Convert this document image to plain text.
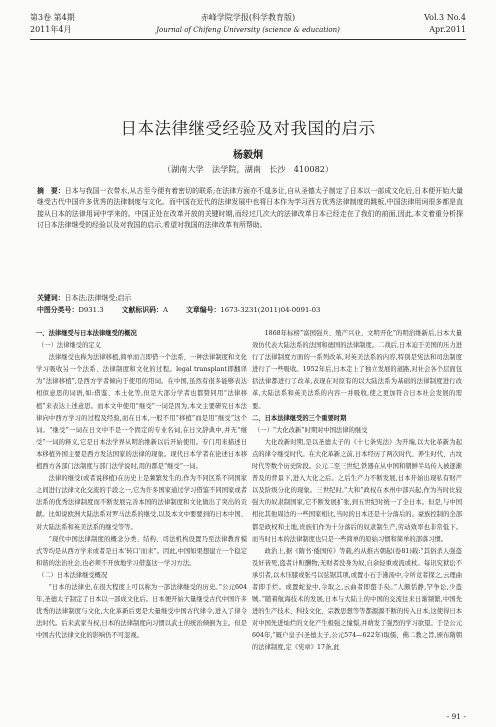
第3卷 第4期
2011年4月
赤峰学院学报(科学教育版)
Journal of Chifeng University (science & education)
Vol.3 No.4
Apr.2011
日本法律继受经验及对我国的启示
杨毅炯
（湖南大学　法学院，湖南　长沙　410082）
摘　要：日本与我国一衣带水,从古至今便有着密切的联系;在法律方面亦不遑多让,自从圣德太子制定了日本以一部成文化后,日本便开始大量继受古代中国许多优秀的法律制度与文化。而中国在近代的法律发展中也将日本作为学习西方优秀法律制度的跳板,中国法律用词很多都是直接从日本的法律用词中学来的。中国正处在改革开放的关键时期,而经过几次大的法律改革日本已经走在了我们的前面,因此,本文着重分析探讨日本法律继受的经验以及对我国的启示,希望对我国的法律改革有所帮助。
关键词：日本法;法律继受;启示
中图分类号：D931.3	文献标识码：A	文章编号：1673-3231(2011)04-0091-03

一、法律继受与日本法律继受的概况

（一）法律继受的定义

法律继受也称为法律移植,简单而言即借一个法系、一种法律制度和文化学习吸收另一个法系、法律制度和文化的过程。legal transplant即翻译为“法律移植”,是西方学者倾向于使用的用词。在中国,虽然有很多能够表达相似意思的词语,如:借鉴、本土化等,但是大部分学者也都赞同用“法律移植”来表达上述意思。而本文中使用“继受”一词是因为,本文主要研究日本法律向中西方学习的过程及经验,而在日本,一般不用“移植”而是用“继受”这个词。“继受”一词在日文中不是一个固定的专业名词,在日文辞典中,并无“继受”一词的释义,它是日本法学界从明治维新以后开始使用。专门用来描述日本移植外国主要是西方发达国家的法律的现象。现代日本学者在论述日本移植西方各部门法制度与部门法学说时,用的都是“继受”一词。

法律的继受(或者说移植)在历史上是频繁发生的,作为不同区系不同国家之间进行法律文化交流的手段之一,它为许多国家通过学习借鉴不同国家或者法系的优秀法律制度而不断发展完善本国的法律制度和文化做出了突出的贡献。比如说欧洲大陆法系对罗马法系的继受,以及本文中要要到的日本中国、对大陆法系和英美法系的继受等等。

“现代中国法律制度的概念分类、结构、司法机构设置乃至法律教育模式等均是从西方学来或者是日本‘转口’而来”。因此,中国如果想建立一个稳定和谐的法治社会,也必须不开放地学习借鉴这一学习方法。

（二）日本法律继受概况

“日本的法律史,在很大程度上可以称为一部法律继受的历史。”公元604年,圣德太子制定了日本以一部成文化后。日本便开始大量继受古代中国许多优秀的法律制度与文化,大化革新后更是大量继受中国古代律令,进入了律令法时代。后来武家当权,日本的法律制度向习惯以武士的统治倾倒为主。但是中国古代法律文化的影响仍不可忽视。

1868年标榜“富国强兵、殖产兴业、文明开化”的明治维新后,日本大量效仿代表大陆法系的法国和德国的法律制度。二战后,日本迫于美国的压力进行了法律制度方面的一系列改革,对英美法系的内容,特别是宪法和司法制度进行了一些吸收。1952年后,日本走上了独立发展的道路,对社会各个层面包括法律都进行了改革,表现在对原有的以大陆法系为基础的法律制度进行改革,大陆法系和英美法系的内容一并吸收,使之更加符合日本社会发展的需要。

二、日本法律继受的三个重要时期

（一）“大化改新”时期对中国法律的继受

大化改新时期,是以圣德太子的《十七条宪法》为开端,以大化革新为起点的律令继受时代。在大化革新之前,日本经历了两次时代、养生时代、古坟时代等数个历史阶段。公元二至三世纪,铁器在从中国和朝鲜半岛传入被逐渐普及的背景下,进入大化之后。之后生产力不断发展,日本开始出现私有财产以及阶级分化的现象。三世纪时,“大和”政权在本州中部兴起,作为当时比较强大的奴隶制国家,它不断发展扩张,到五世纪时统一了全日本。但是,与中国相比其他周边的一些国家相比,当时的日本还是十分落后的。豪族控制的全部都是政权和土地,贵族们作为十分落后的奴隶制生产,劳动效率也非常低下。而当时日本的法律制度也只是一些简单的原始习惯和简单的部落习惯。

政治上,据《隋书·倭国传》等载,约从推古朝起(卷81)载:“其俗杀人强盗及奸皆死,盗者计赃酬物,无财者没身为奴,自余轻重或流或杖。每讯究狱讼不承引者,以木压膝或张弓以弦锯其项,或置小石于沸汤中,令所竞者探之,云理曲者即手烂。或置蛇瓮中,令取之,云曲者即螫手矣。”人颇恬静,罕争讼,少盗贼。”随着航海技术的发展,日本与大陆上的中国的交流往来日渐频繁,中国先进的生产技术、科技文化、宗教思想等等都源源不断的传入日本,这使得日本对中国先进灿烂的文化产生极强之憧憬,并萌发了强烈的学习欲望。于是公元604年,“厩户皇子(圣德太子,公元574—622年)取儒、佛二教之旨,颁布隋朝的法律制度,定《宪章》17条,此

- 91 -
